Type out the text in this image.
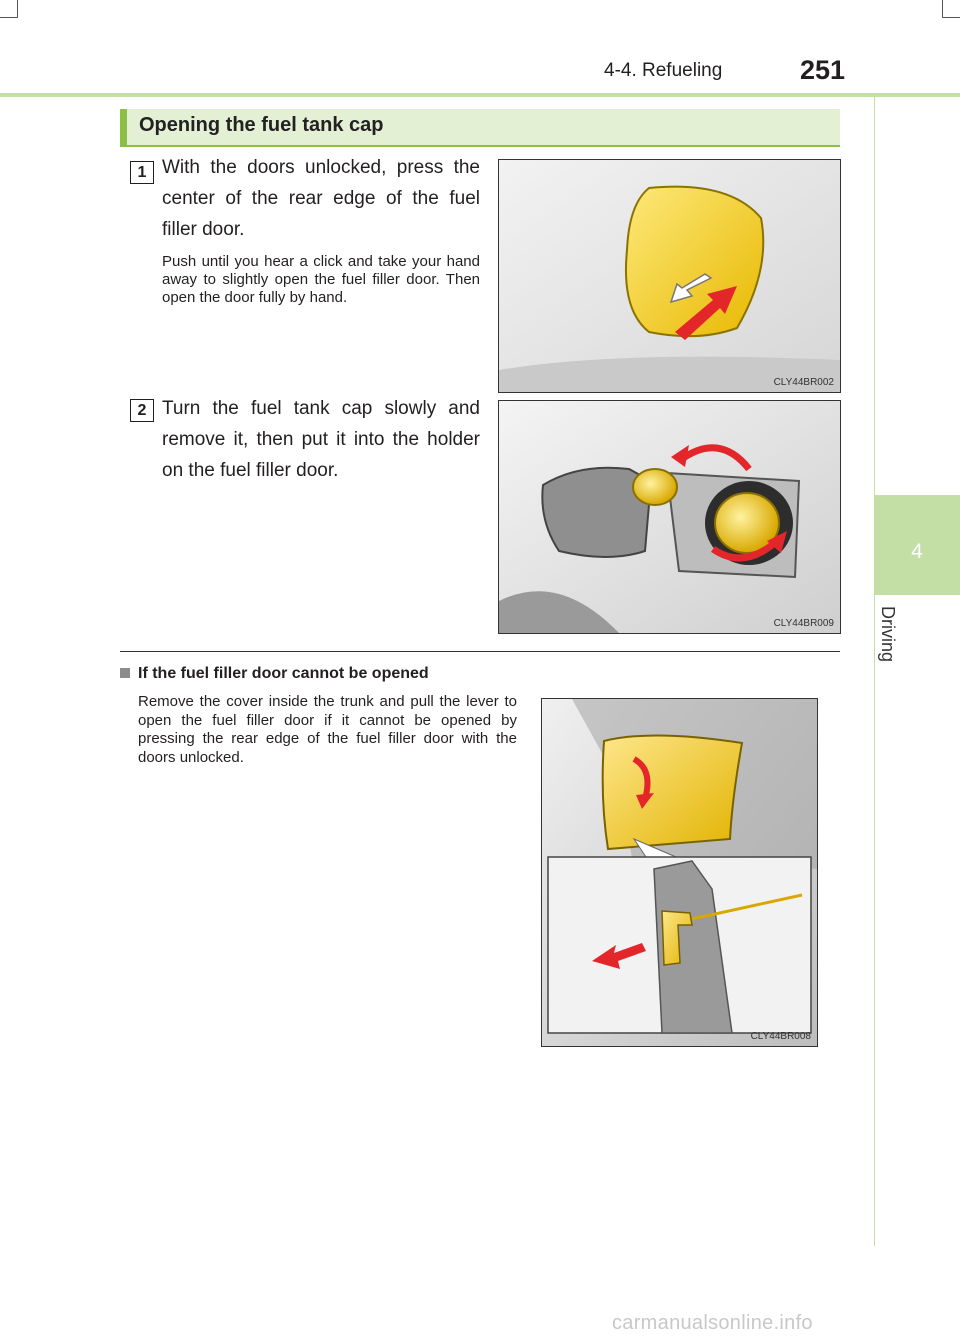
4-4. Refueling	251
4
Driving
Opening the fuel tank cap
1 With the doors unlocked, press the center of the rear edge of the fuel filler door.
Push until you hear a click and take your hand away to slightly open the fuel filler door. Then open the door fully by hand.
CLY44BR002
2 Turn the fuel tank cap slowly and remove it, then put it into the holder on the fuel filler door.
CLY44BR009
If the fuel filler door cannot be opened
Remove the cover inside the trunk and pull the lever to open the fuel filler door if it cannot be opened by pressing the rear edge of the fuel filler door with the doors unlocked.
CLY44BR008
carmanualsonline.info
